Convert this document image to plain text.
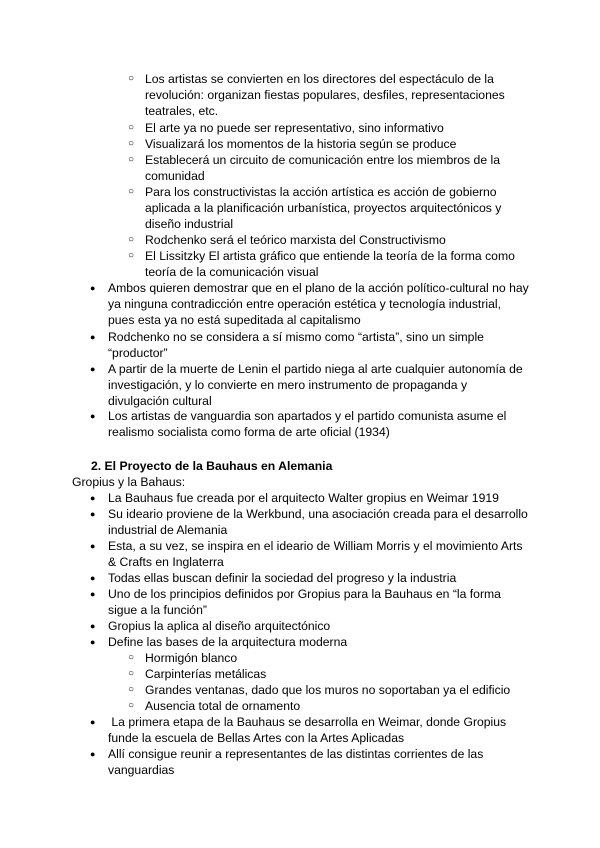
○ Los artistas se convierten en los directores del espectáculo de la
revolución: organizan fiestas populares, desfiles, representaciones
teatrales, etc.
○ El arte ya no puede ser representativo, sino informativo
○ Visualizará los momentos de la historia según se produce
○ Establecerá un circuito de comunicación entre los miembros de la
comunidad
○ Para los constructivistas la acción artística es acción de gobierno
aplicada a la planificación urbanística, proyectos arquitectónicos y
diseño industrial
○ Rodchenko será el teórico marxista del Constructivismo
○ El Lissitzky El artista gráfico que entiende la teoría de la forma como
teoría de la comunicación visual
● Ambos quieren demostrar que en el plano de la acción político-cultural no hay
ya ninguna contradicción entre operación estética y tecnología industrial,
pues esta ya no está supeditada al capitalismo
● Rodchenko no se considera a sí mismo como “artista”, sino un simple
“productor”
● A partir de la muerte de Lenin el partido niega al arte cualquier autonomía de
investigación, y lo convierte en mero instrumento de propaganda y
divulgación cultural
● Los artistas de vanguardia son apartados y el partido comunista asume el
realismo socialista como forma de arte oficial (1934)
2. El Proyecto de la Bauhaus en Alemania
Gropius y la Bahaus:
● La Bauhaus fue creada por el arquitecto Walter gropius en Weimar 1919
● Su ideario proviene de la Werkbund, una asociación creada para el desarrollo
industrial de Alemania
● Esta, a su vez, se inspira en el ideario de William Morris y el movimiento Arts
& Crafts en Inglaterra
● Todas ellas buscan definir la sociedad del progreso y la industria
● Uno de los principios definidos por Gropius para la Bauhaus en “la forma
sigue a la función”
● Gropius la aplica al diseño arquitectónico
● Define las bases de la arquitectura moderna
○ Hormigón blanco
○ Carpinterías metálicas
○ Grandes ventanas, dado que los muros no soportaban ya el edificio
○ Ausencia total de ornamento
●  La primera etapa de la Bauhaus se desarrolla en Weimar, donde Gropius
funde la escuela de Bellas Artes con la Artes Aplicadas
● Allí consigue reunir a representantes de las distintas corrientes de las
vanguardias
